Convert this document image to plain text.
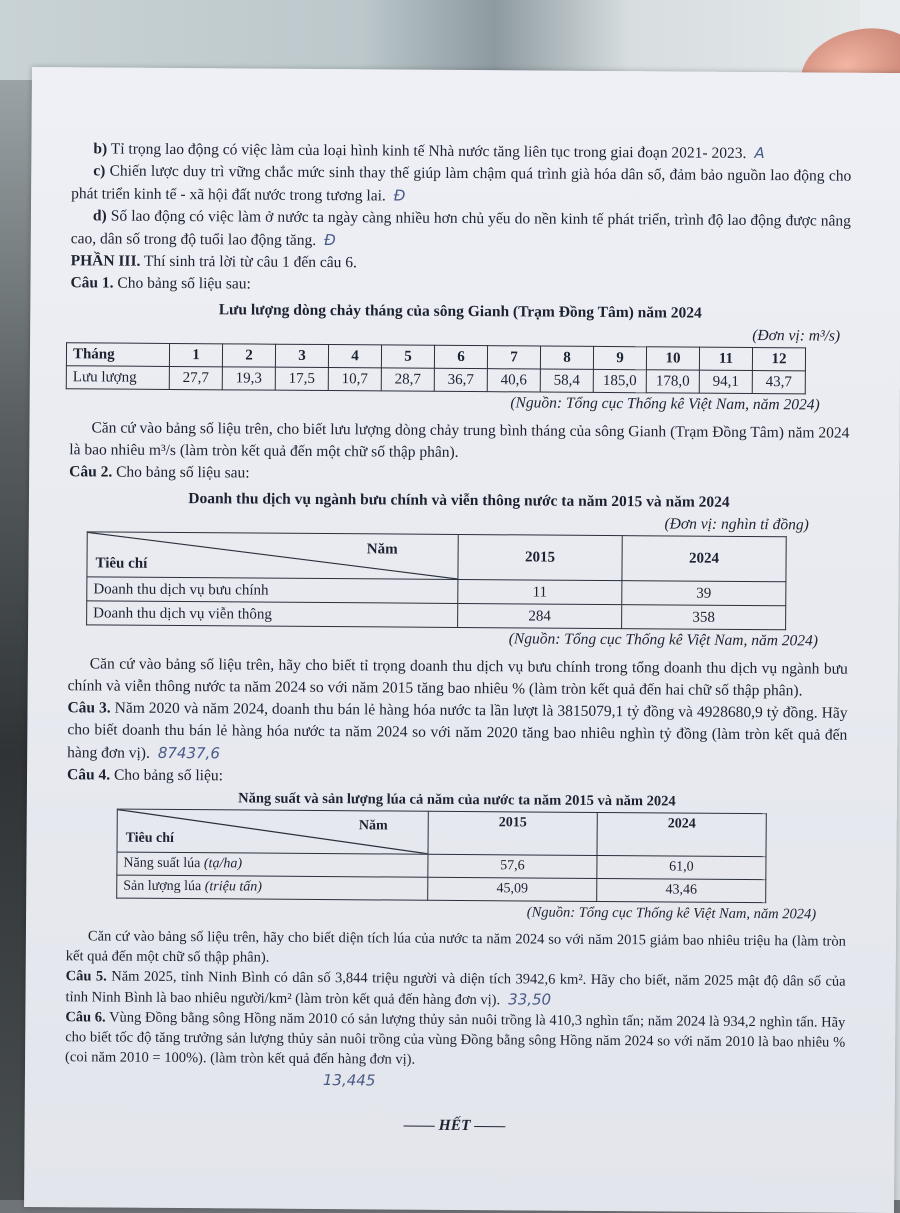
b) Tỉ trọng lao động có việc làm của loại hình kinh tế Nhà nước tăng liên tục trong giai đoạn 2021- 2023. A

c) Chiến lược duy trì vững chắc mức sinh thay thế giúp làm chậm quá trình già hóa dân số, đảm bảo nguồn lao động cho phát triển kinh tế - xã hội đất nước trong tương lai. Đ

d) Số lao động có việc làm ở nước ta ngày càng nhiều hơn chủ yếu do nền kinh tế phát triển, trình độ lao động được nâng cao, dân số trong độ tuổi lao động tăng. Đ

PHẦN III. Thí sinh trả lời từ câu 1 đến câu 6.

Câu 1. Cho bảng số liệu sau:

Lưu lượng dòng chảy tháng của sông Gianh (Trạm Đồng Tâm) năm 2024

(Đơn vị: m³/s)

Tháng	1	2	3	4	5	6	7	8	9	10	11	12
Lưu lượng	27,7	19,3	17,5	10,7	28,7	36,7	40,6	58,4	185,0	178,0	94,1	43,7

(Nguồn: Tổng cục Thống kê Việt Nam, năm 2024)

Căn cứ vào bảng số liệu trên, cho biết lưu lượng dòng chảy trung bình tháng của sông Gianh (Trạm Đồng Tâm) năm 2024 là bao nhiêu m³/s (làm tròn kết quả đến một chữ số thập phân).

Câu 2. Cho bảng số liệu sau:

Doanh thu dịch vụ ngành bưu chính và viễn thông nước ta năm 2015 và năm 2024

(Đơn vị: nghìn tỉ đồng)

Năm
Tiêu chí	2015	2024
Doanh thu dịch vụ bưu chính	11	39
Doanh thu dịch vụ viễn thông	284	358

(Nguồn: Tổng cục Thống kê Việt Nam, năm 2024)

Căn cứ vào bảng số liệu trên, hãy cho biết tỉ trọng doanh thu dịch vụ bưu chính trong tổng doanh thu dịch vụ ngành bưu chính và viễn thông nước ta năm 2024 so với năm 2015 tăng bao nhiêu % (làm tròn kết quả đến hai chữ số thập phân).

Câu 3. Năm 2020 và năm 2024, doanh thu bán lẻ hàng hóa nước ta lần lượt là 3815079,1 tỷ đồng và 4928680,9 tỷ đồng. Hãy cho biết doanh thu bán lẻ hàng hóa nước ta năm 2024 so với năm 2020 tăng bao nhiêu nghìn tỷ đồng (làm tròn kết quả đến hàng đơn vị). 87437,6

Câu 4. Cho bảng số liệu:

Năng suất và sản lượng lúa cả năm của nước ta năm 2015 và năm 2024

Năm
Tiêu chí	2015	2024
Năng suất lúa (tạ/ha)	57,6	61,0
Sản lượng lúa (triệu tấn)	45,09	43,46

(Nguồn: Tổng cục Thống kê Việt Nam, năm 2024)

Căn cứ vào bảng số liệu trên, hãy cho biết diện tích lúa của nước ta năm 2024 so với năm 2015 giảm bao nhiêu triệu ha (làm tròn kết quả đến một chữ số thập phân).

Câu 5. Năm 2025, tỉnh Ninh Bình có dân số 3,844 triệu người và diện tích 3942,6 km². Hãy cho biết, năm 2025 mật độ dân số của tỉnh Ninh Bình là bao nhiêu người/km² (làm tròn kết quả đến hàng đơn vị). 33,50

Câu 6. Vùng Đồng bằng sông Hồng năm 2010 có sản lượng thủy sản nuôi trồng là 410,3 nghìn tấn; năm 2024 là 934,2 nghìn tấn. Hãy cho biết tốc độ tăng trưởng sản lượng thủy sản nuôi trồng của vùng Đồng bằng sông Hồng năm 2024 so với năm 2010 là bao nhiêu % (coi năm 2010 = 100%). (làm tròn kết quả đến hàng đơn vị).

13,445

—— HẾT ——
